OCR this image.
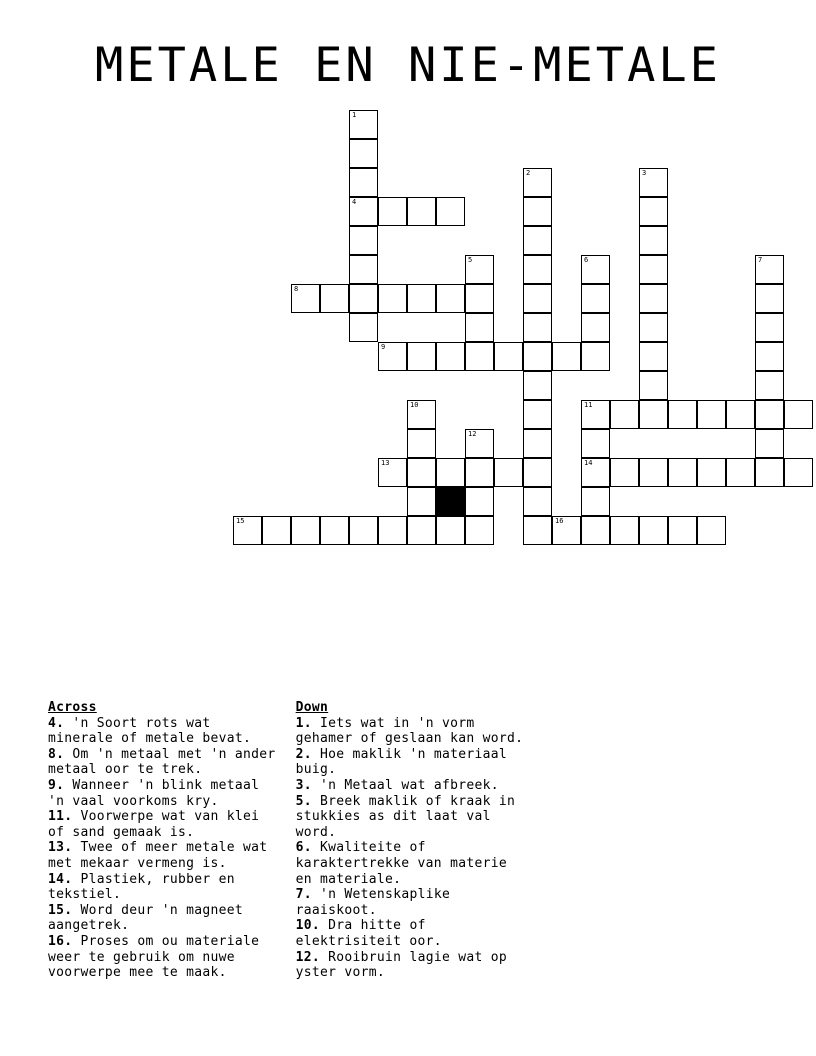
METALE EN NIE-METALE
1
4
2	3
5	6	7
8
9
10	11
14
12
13
15	16
Across
4. 'n Soort rots wat minerale of metale bevat.
8. Om 'n metaal met 'n ander metaal oor te trek.
9. Wanneer 'n blink metaal 'n vaal voorkoms kry.
11. Voorwerpe wat van klei of sand gemaak is.
13. Twee of meer metale wat met mekaar vermeng is.
14. Plastiek, rubber en tekstiel.
15. Word deur 'n magneet aangetrek.
16. Proses om ou materiale weer te gebruik om nuwe voorwerpe mee te maak.
Down
1. Iets wat in 'n vorm gehamer of geslaan kan word.
2. Hoe maklik 'n materiaal buig.
3. 'n Metaal wat afbreek.
5. Breek maklik of kraak in stukkies as dit laat val word.
6. Kwaliteite of karaktertrekke van materie en materiale.
7. 'n Wetenskaplike raaiskoot.
10. Dra hitte of elektrisiteit oor.
12. Rooibruin lagie wat op yster vorm.
